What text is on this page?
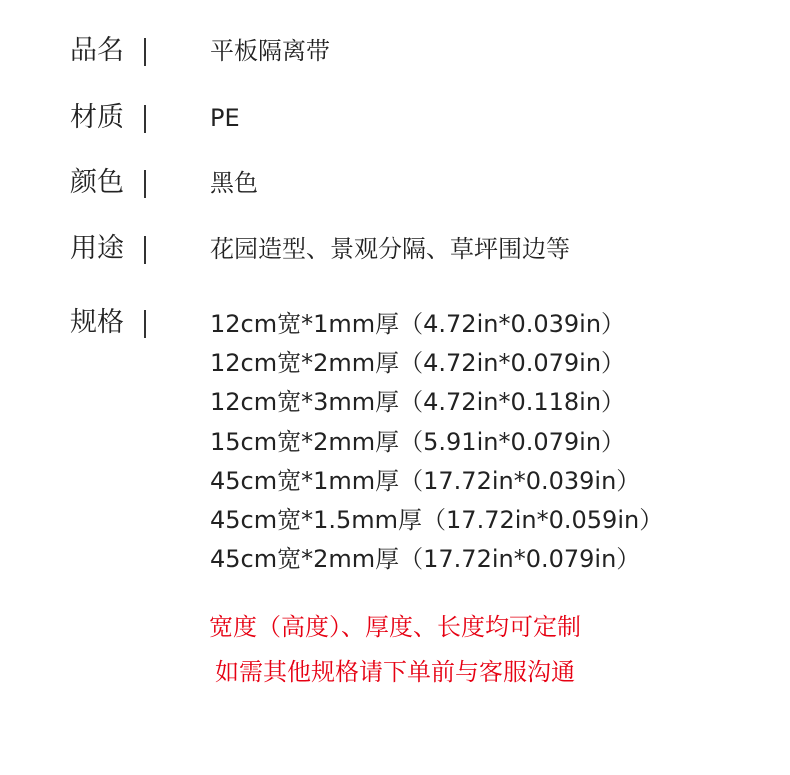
品名	平板隔离带
材质	PE
颜色	黑色
用途	花园造型、景观分隔、草坪围边等
规格	12cm宽*1mm厚（4.72in*0.039in）
12cm宽*2mm厚（4.72in*0.079in）
12cm宽*3mm厚（4.72in*0.118in）
15cm宽*2mm厚（5.91in*0.079in）
45cm宽*1mm厚（17.72in*0.039in）
45cm宽*1.5mm厚（17.72in*0.059in）
45cm宽*2mm厚（17.72in*0.079in）
宽度（高度）、厚度、长度均可定制
如需其他规格请下单前与客服沟通
